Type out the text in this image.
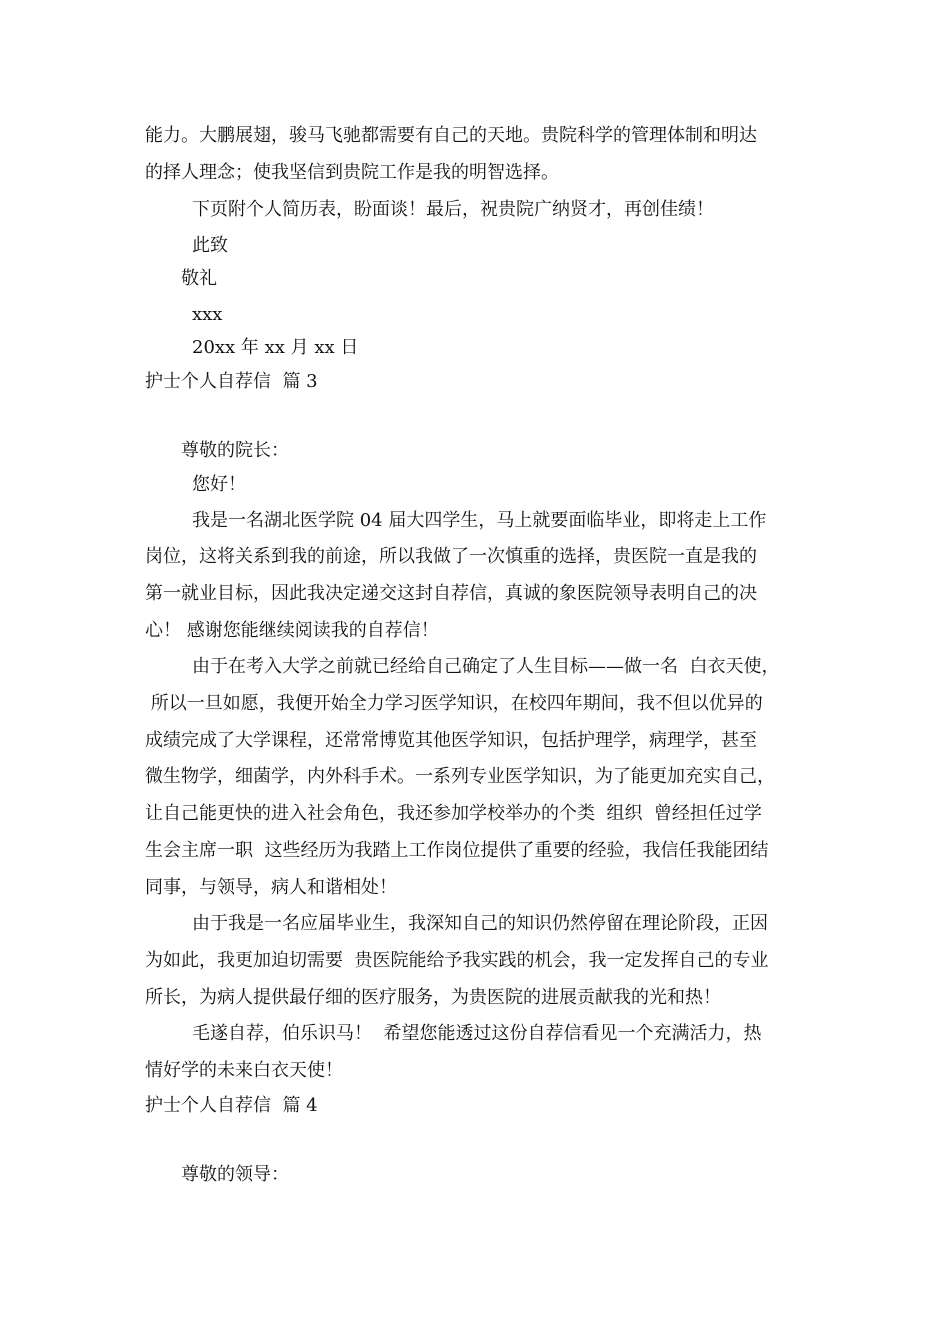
能力。大鹏展翅，骏马飞驰都需要有自己的天地。贵院科学的管理体制和明达
的择人理念；使我坚信到贵院工作是我的明智选择。
下页附个人简历表，盼面谈！最后，祝贵院广纳贤才，再创佳绩！
此致
敬礼
xxx
20xx 年 xx 月 xx 日
护士个人自荐信  篇 3
尊敬的院长：
您好！
我是一名湖北医学院 04 届大四学生，马上就要面临毕业，即将走上工作
岗位，这将关系到我的前途，所以我做了一次慎重的选择，贵医院一直是我的
第一就业目标，因此我决定递交这封自荐信，真诚的象医院领导表明自己的决
心！ 感谢您能继续阅读我的自荐信！
由于在考入大学之前就已经给自己确定了人生目标——做一名  白衣天使，
所以一旦如愿，我便开始全力学习医学知识，在校四年期间，我不但以优异的
成绩完成了大学课程，还常常博览其他医学知识，包括护理学，病理学，甚至
微生物学，细菌学，内外科手术。一系列专业医学知识，为了能更加充实自己，
让自己能更快的进入社会角色，我还参加学校举办的个类  组织  曾经担任过学
生会主席一职  这些经历为我踏上工作岗位提供了重要的经验，我信任我能团结
同事，与领导，病人和谐相处！
由于我是一名应届毕业生，我深知自己的知识仍然停留在理论阶段，正因
为如此，我更加迫切需要  贵医院能给予我实践的机会，我一定发挥自己的专业
所长，为病人提供最仔细的医疗服务，为贵医院的进展贡献我的光和热！
毛遂自荐，伯乐识马！  希望您能透过这份自荐信看见一个充满活力，热
情好学的未来白衣天使！
护士个人自荐信  篇 4
尊敬的领导：
